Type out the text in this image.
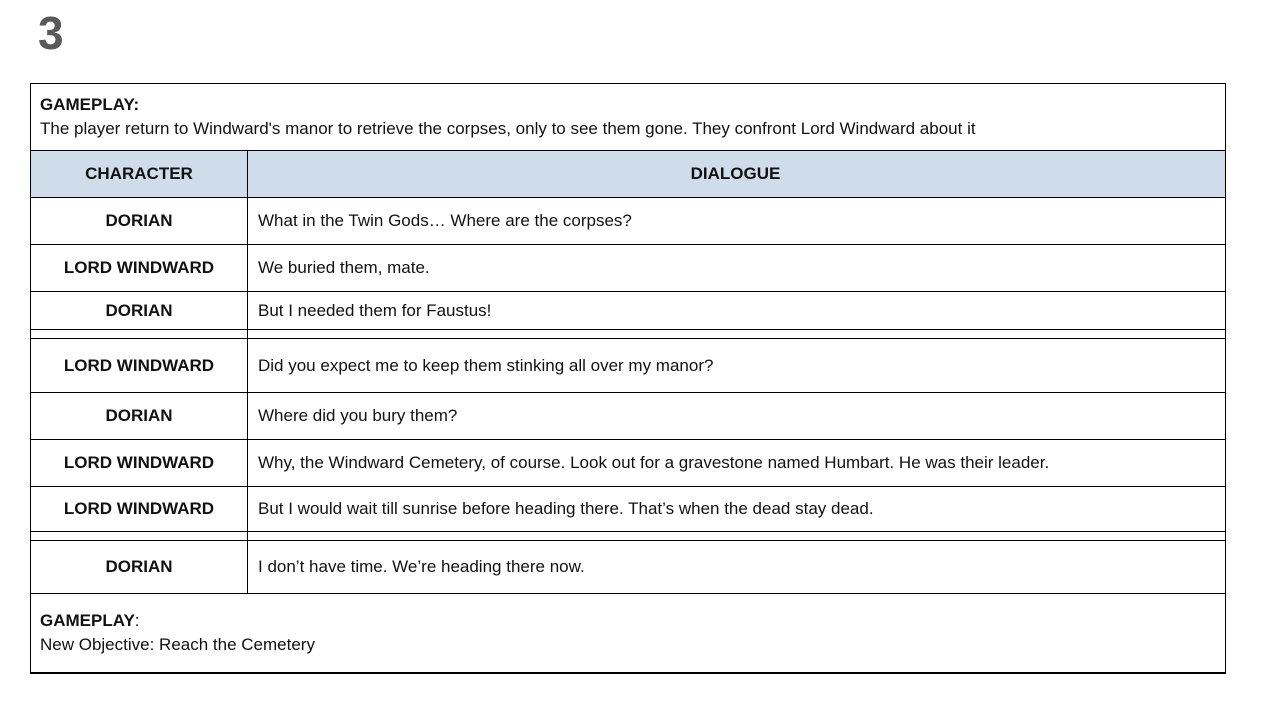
3
GAMEPLAY:
The player return to Windward's manor to retrieve the corpses, only to see them gone. They confront Lord Windward about it
CHARACTER	DIALOGUE
DORIAN	What in the Twin Gods… Where are the corpses?
LORD WINDWARD	We buried them, mate.
DORIAN	But I needed them for Faustus!
LORD WINDWARD	Did you expect me to keep them stinking all over my manor?
DORIAN	Where did you bury them?
LORD WINDWARD	Why, the Windward Cemetery, of course. Look out for a gravestone named Humbart. He was their leader.
LORD WINDWARD	But I would wait till sunrise before heading there. That’s when the dead stay dead.
DORIAN	I don’t have time. We’re heading there now.
GAMEPLAY:
New Objective: Reach the Cemetery
